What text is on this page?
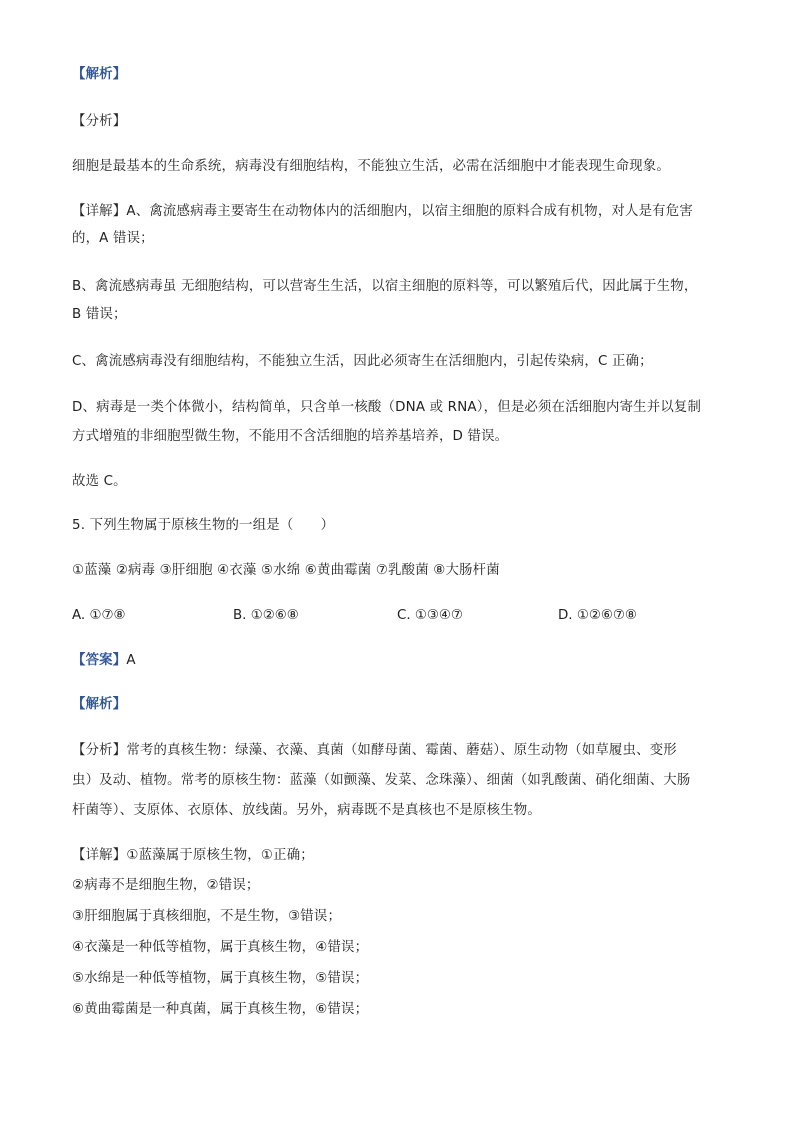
【解析】
【分析】
细胞是最基本的生命系统，病毒没有细胞结构，不能独立生活，必需在活细胞中才能表现生命现象。
【详解】A、禽流感病毒主要寄生在动物体内的活细胞内，以宿主细胞的原料合成有机物，对人是有危害
的，A 错误；
B、禽流感病毒虽 无细胞结构，可以营寄生生活，以宿主细胞的原料等，可以繁殖后代，因此属于生物，
B 错误；
C、禽流感病毒没有细胞结构，不能独立生活，因此必须寄生在活细胞内，引起传染病，C 正确；
D、病毒是一类个体微小，结构简单，只含单一核酸（DNA 或 RNA），但是必须在活细胞内寄生并以复制
方式增殖的非细胞型微生物，不能用不含活细胞的培养基培养，D 错误。
故选 C。
5. 下列生物属于原核生物的一组是（　　）
①蓝藻 ②病毒 ③肝细胞 ④衣藻 ⑤水绵 ⑥黄曲霉菌 ⑦乳酸菌 ⑧大肠杆菌
A. ①⑦⑧	B. ①②⑥⑧	C. ①③④⑦	D. ①②⑥⑦⑧
【答案】A
【解析】
【分析】常考的真核生物：绿藻、衣藻、真菌（如酵母菌、霉菌、蘑菇）、原生动物（如草履虫、变形
虫）及动、植物。常考的原核生物：蓝藻（如颤藻、发菜、念珠藻）、细菌（如乳酸菌、硝化细菌、大肠
杆菌等）、支原体、衣原体、放线菌。另外，病毒既不是真核也不是原核生物。
【详解】①蓝藻属于原核生物，①正确；
②病毒不是细胞生物，②错误；
③肝细胞属于真核细胞，不是生物，③错误；
④衣藻是一种低等植物，属于真核生物，④错误；
⑤水绵是一种低等植物，属于真核生物，⑤错误；
⑥黄曲霉菌是一种真菌，属于真核生物，⑥错误；
